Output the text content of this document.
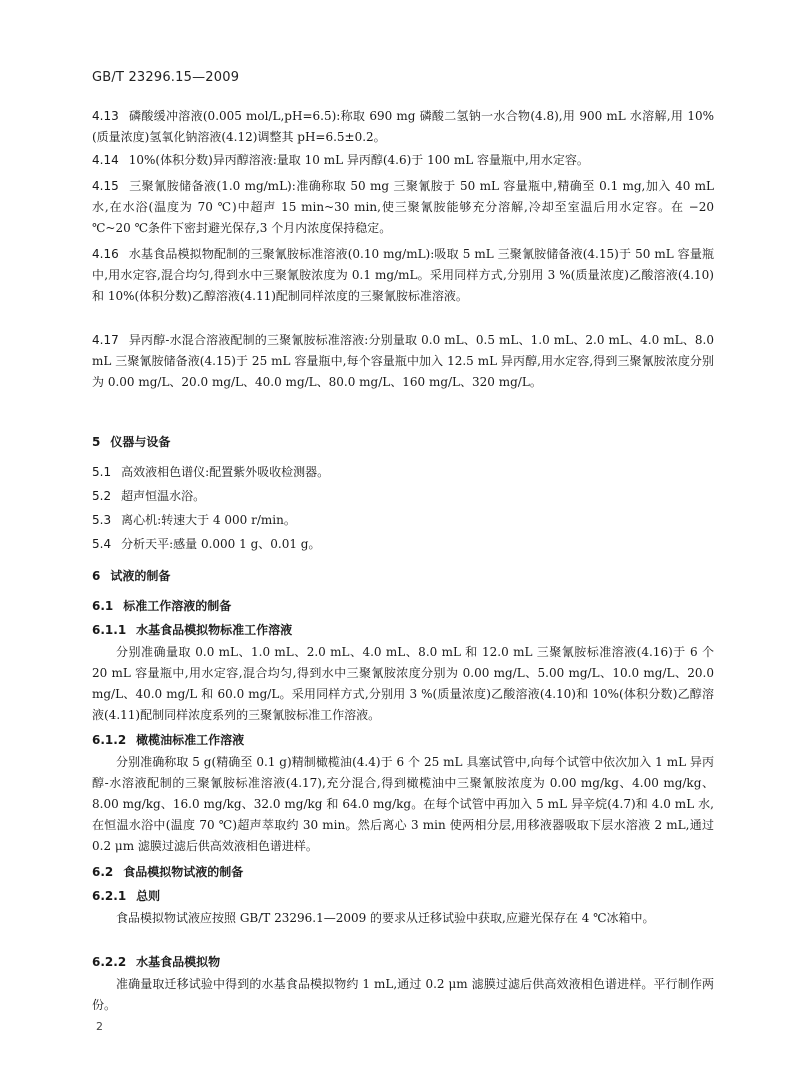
GB/T 23296.15—2009

4.13 磷酸缓冲溶液(0.005 mol/L,pH=6.5):称取 690 mg 磷酸二氢钠一水合物(4.8),用 900 mL 水溶解,用 10%(质量浓度)氢氧化钠溶液(4.12)调整其 pH=6.5±0.2。

4.14 10%(体积分数)异丙醇溶液:量取 10 mL 异丙醇(4.6)于 100 mL 容量瓶中,用水定容。

4.15 三聚氰胺储备液(1.0 mg/mL):准确称取 50 mg 三聚氰胺于 50 mL 容量瓶中,精确至 0.1 mg,加入 40 mL 水,在水浴(温度为 70 ℃)中超声 15 min~30 min,使三聚氰胺能够充分溶解,冷却至室温后用水定容。在 −20 ℃~20 ℃条件下密封避光保存,3 个月内浓度保持稳定。

4.16 水基食品模拟物配制的三聚氰胺标准溶液(0.10 mg/mL):吸取 5 mL 三聚氰胺储备液(4.15)于 50 mL 容量瓶中,用水定容,混合均匀,得到水中三聚氰胺浓度为 0.1 mg/mL。采用同样方式,分别用 3 %(质量浓度)乙酸溶液(4.10)和 10%(体积分数)乙醇溶液(4.11)配制同样浓度的三聚氰胺标准溶液。

4.17 异丙醇-水混合溶液配制的三聚氰胺标准溶液:分别量取 0.0 mL、0.5 mL、1.0 mL、2.0 mL、4.0 mL、8.0 mL 三聚氰胺储备液(4.15)于 25 mL 容量瓶中,每个容量瓶中加入 12.5 mL 异丙醇,用水定容,得到三聚氰胺浓度分别为 0.00 mg/L、20.0 mg/L、40.0 mg/L、80.0 mg/L、160 mg/L、320 mg/L。

5 仪器与设备

5.1 高效液相色谱仪:配置紫外吸收检测器。

5.2 超声恒温水浴。

5.3 离心机:转速大于 4 000 r/min。

5.4 分析天平:感量 0.000 1 g、0.01 g。

6 试液的制备

6.1 标准工作溶液的制备

6.1.1 水基食品模拟物标准工作溶液

分别准确量取 0.0 mL、1.0 mL、2.0 mL、4.0 mL、8.0 mL 和 12.0 mL 三聚氰胺标准溶液(4.16)于 6 个 20 mL 容量瓶中,用水定容,混合均匀,得到水中三聚氰胺浓度分别为 0.00 mg/L、5.00 mg/L、10.0 mg/L、20.0 mg/L、40.0 mg/L 和 60.0 mg/L。采用同样方式,分别用 3 %(质量浓度)乙酸溶液(4.10)和 10%(体积分数)乙醇溶液(4.11)配制同样浓度系列的三聚氰胺标准工作溶液。

6.1.2 橄榄油标准工作溶液

分别准确称取 5 g(精确至 0.1 g)精制橄榄油(4.4)于 6 个 25 mL 具塞试管中,向每个试管中依次加入 1 mL 异丙醇-水溶液配制的三聚氰胺标准溶液(4.17),充分混合,得到橄榄油中三聚氰胺浓度为 0.00 mg/kg、4.00 mg/kg、8.00 mg/kg、16.0 mg/kg、32.0 mg/kg 和 64.0 mg/kg。在每个试管中再加入 5 mL 异辛烷(4.7)和 4.0 mL 水,在恒温水浴中(温度 70 ℃)超声萃取约 30 min。然后离心 3 min 使两相分层,用移液器吸取下层水溶液 2 mL,通过 0.2 μm 滤膜过滤后供高效液相色谱进样。

6.2 食品模拟物试液的制备

6.2.1 总则

食品模拟物试液应按照 GB/T 23296.1—2009 的要求从迁移试验中获取,应避光保存在 4 ℃冰箱中。

6.2.2 水基食品模拟物

准确量取迁移试验中得到的水基食品模拟物约 1 mL,通过 0.2 μm 滤膜过滤后供高效液相色谱进样。平行制作两份。

2
